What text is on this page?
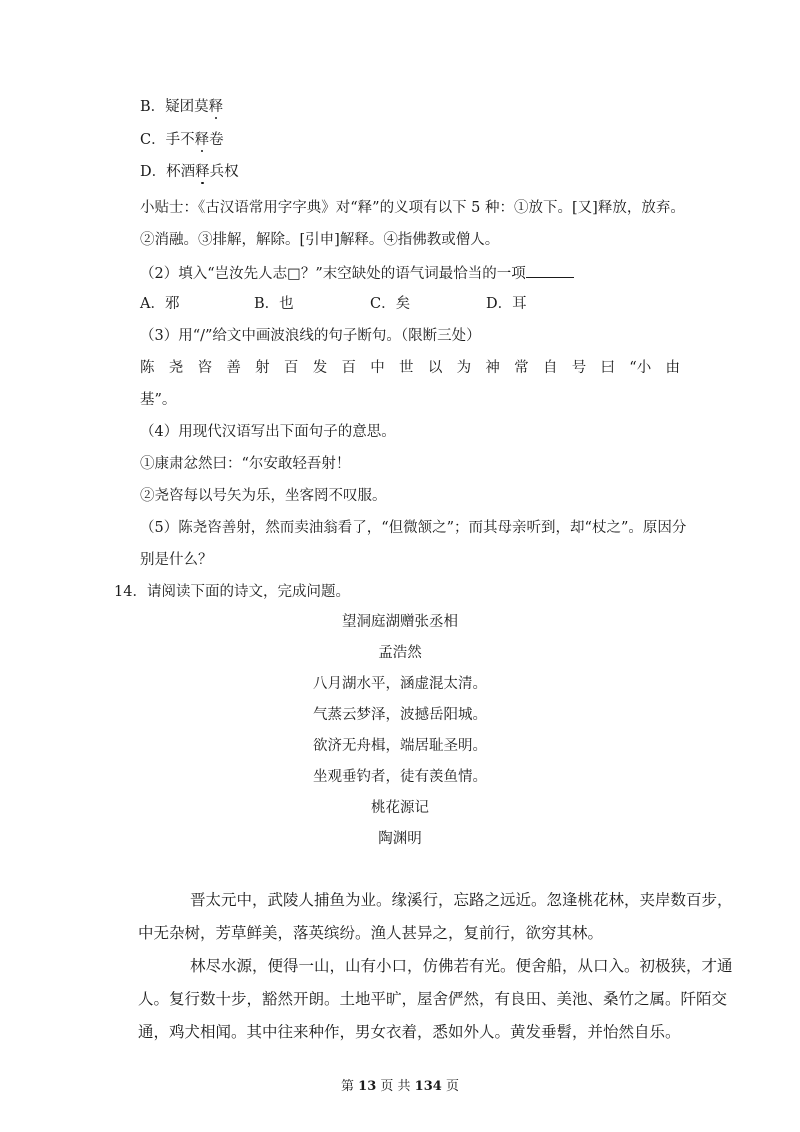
B．疑团莫释
C．手不释卷
D．杯酒释兵权
小贴士：《古汉语常用字字典》对“释”的义项有以下 5 种：①放下。[又]释放，放弃。
②消融。③排解，解除。[引申]解释。④指佛教或僧人。
（2）填入“岂汝先人志□？”末空缺处的语气词最恰当的一项
A．邪	B．也	C．矣	D．耳
（3）用“/”给文中画波浪线的句子断句。（限断三处）
陈 尧 咨 善 射 百 发 百 中 世 以 为 神 常 自 号 曰 “小 由
基”。
（4）用现代汉语写出下面句子的意思。
①康肃忿然曰：“尔安敢轻吾射！
②尧咨每以号矢为乐，坐客罔不叹服。
（5）陈尧咨善射，然而卖油翁看了，“但微颔之”；而其母亲听到，却“杖之”。原因分
别是什么？
14．请阅读下面的诗文，完成问题。
望洞庭湖赠张丞相
孟浩然
八月湖水平，涵虚混太清。
气蒸云梦泽，波撼岳阳城。
欲济无舟楫，端居耻圣明。
坐观垂钓者，徒有羡鱼情。
桃花源记
陶渊明
晋太元中，武陵人捕鱼为业。缘溪行，忘路之远近。忽逢桃花林，夹岸数百步，
中无杂树，芳草鲜美，落英缤纷。渔人甚异之，复前行，欲穷其林。
林尽水源，便得一山，山有小口，仿佛若有光。便舍船，从口入。初极狭，才通
人。复行数十步，豁然开朗。土地平旷，屋舍俨然，有良田、美池、桑竹之属。阡陌交
通，鸡犬相闻。其中往来种作，男女衣着，悉如外人。黄发垂髫，并怡然自乐。
第 13 页 共 134 页
